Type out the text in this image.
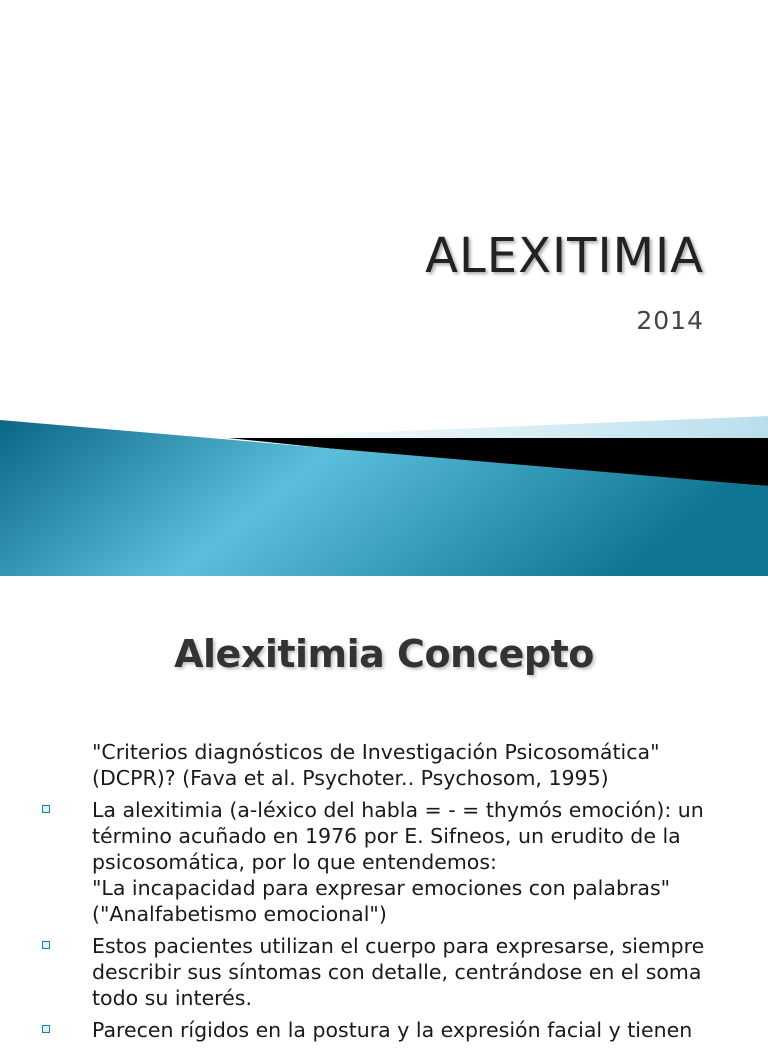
ALEXITIMIA
2014
Alexitimia Concepto
"Criterios diagnósticos de Investigación Psicosomática"
(DCPR)? (Fava et al. Psychoter.. Psychosom, 1995)
La alexitimia (a-léxico del habla = - = thymós emoción): un
término acuñado en 1976 por E. Sifneos, un erudito de la
psicosomática, por lo que entendemos:
"La incapacidad para expresar emociones con palabras"
("Analfabetismo emocional")
Estos pacientes utilizan el cuerpo para expresarse, siempre
describir sus síntomas con detalle, centrándose en el soma
todo su interés.
Parecen rígidos en la postura y la expresión facial y tienen
